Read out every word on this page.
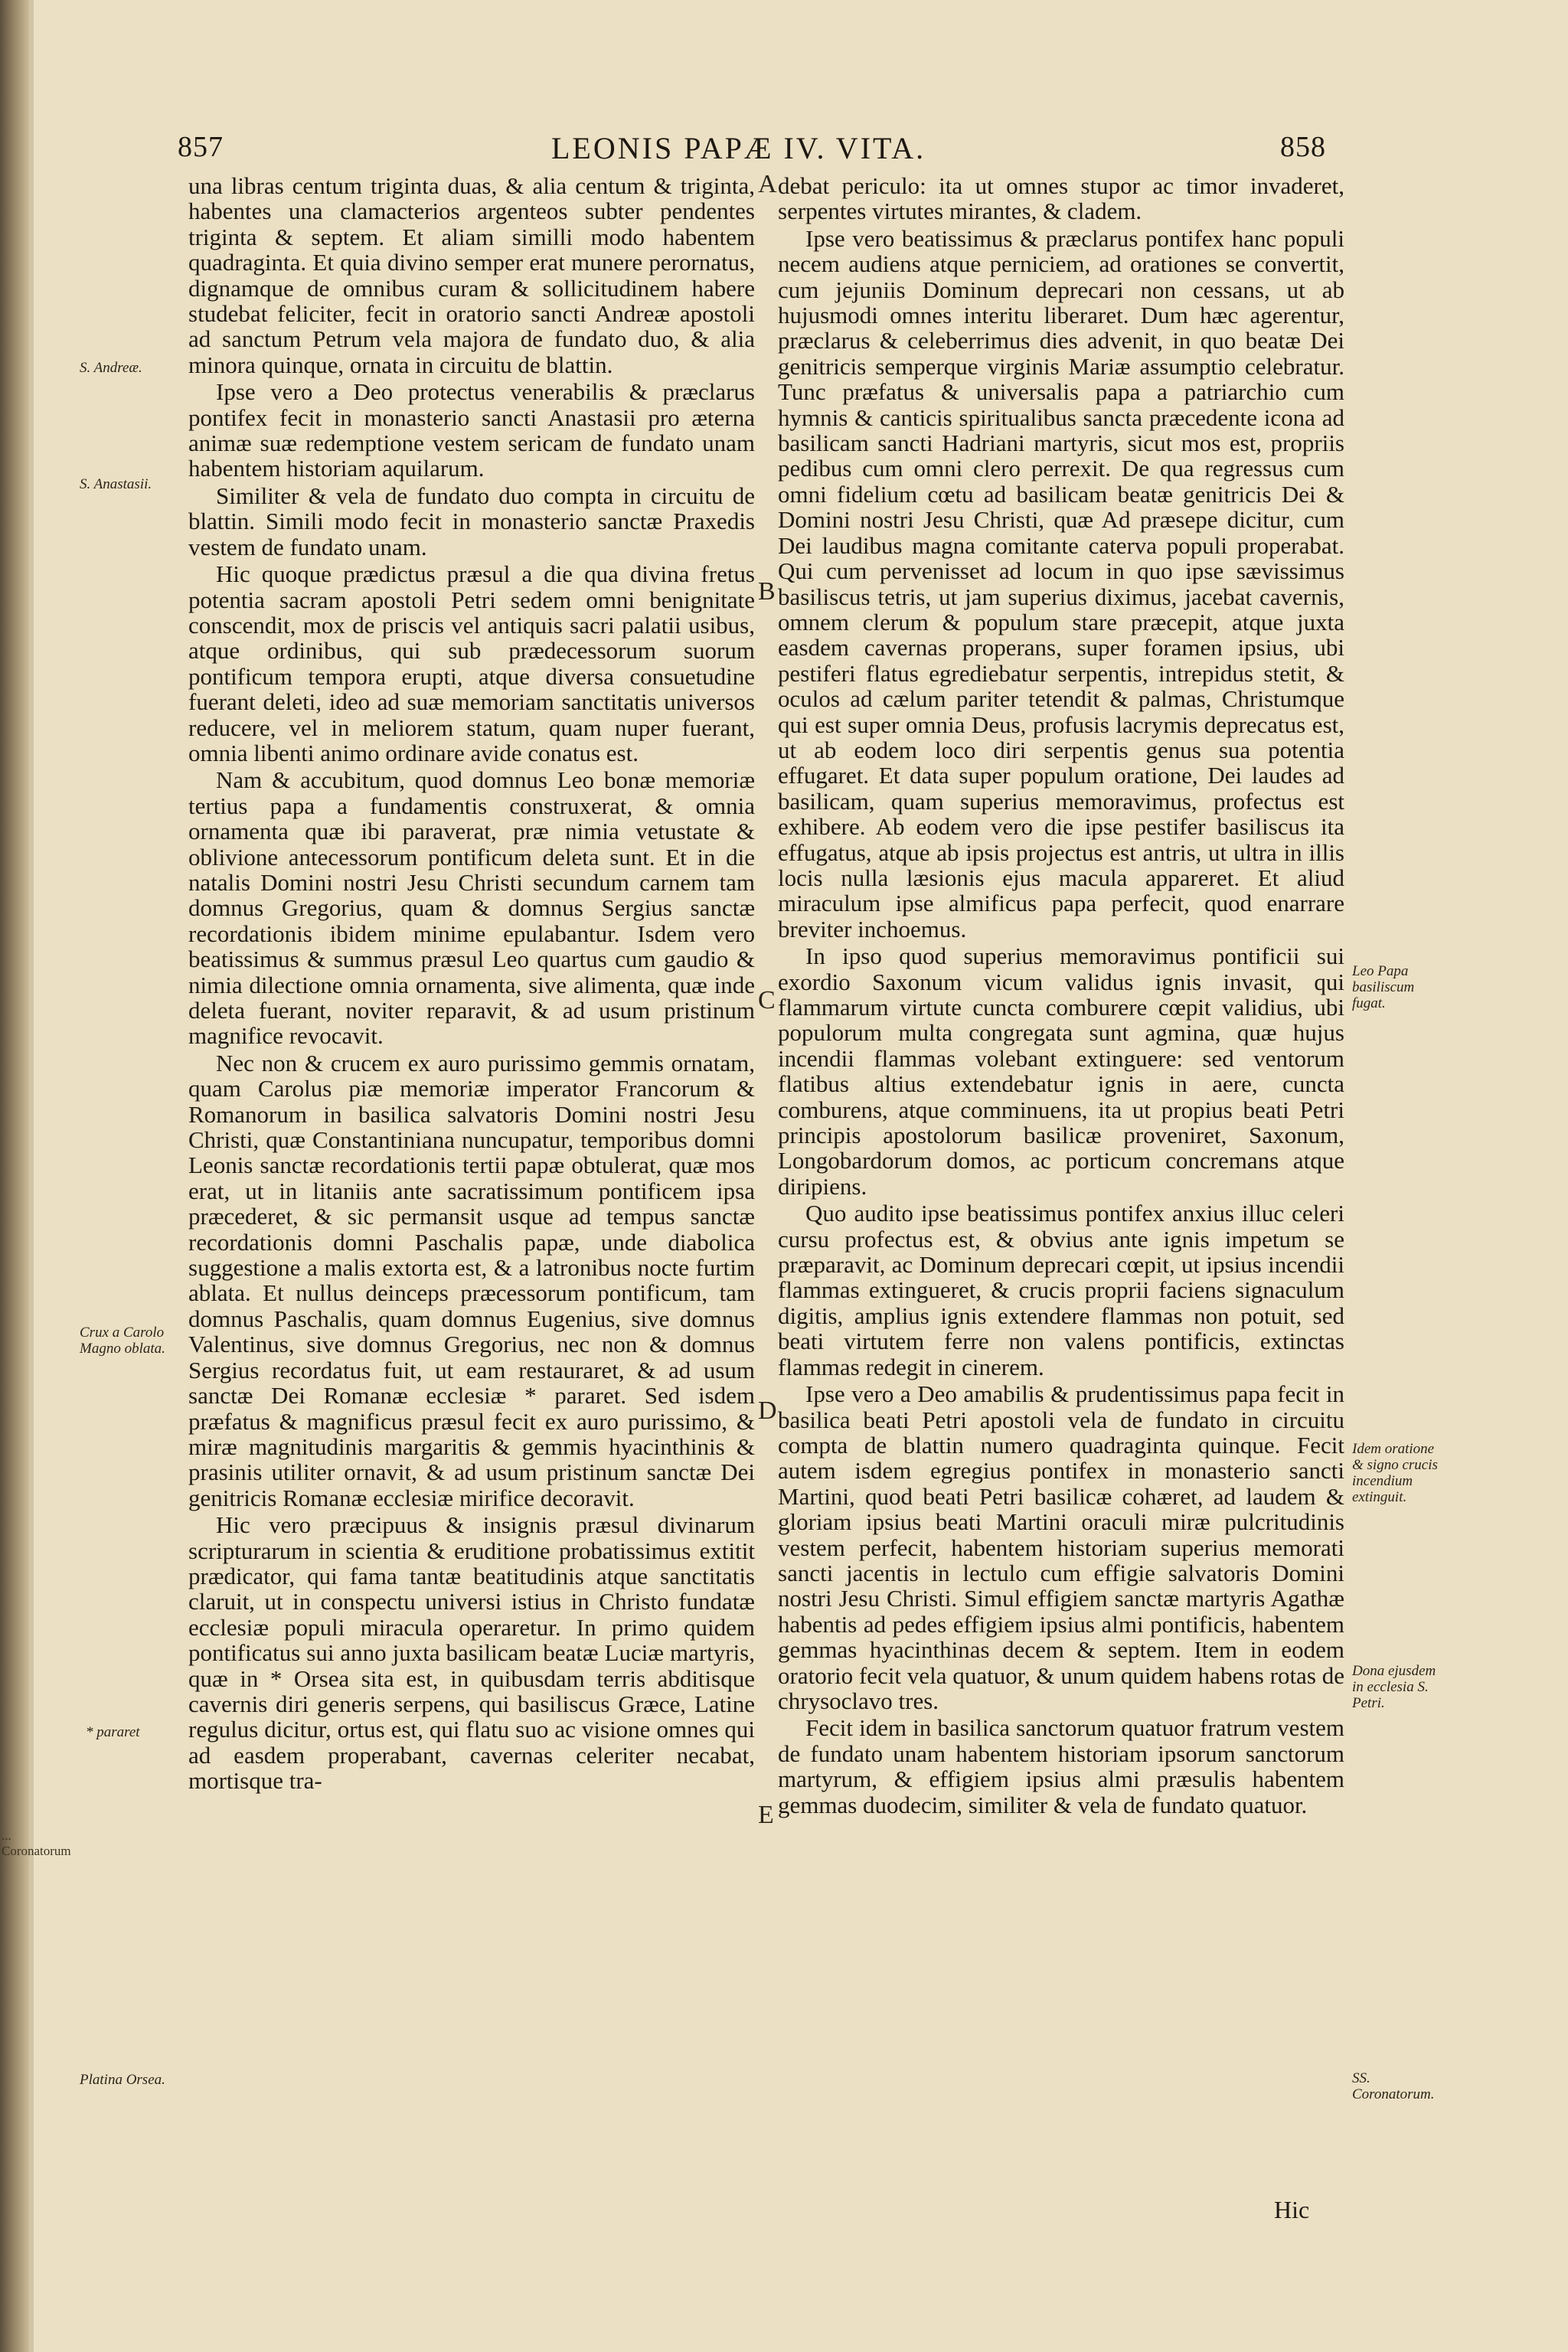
857	LEONIS PAPÆ IV. VITA.	858

una libras centum triginta duas, & alia centum & triginta, habentes una clamacterios argenteos subter pendentes triginta & septem. Et aliam similli modo habentem quadraginta. Et quia divino semper erat munere perornatus, dignamque de omnibus curam & sollicitudinem habere studebat feliciter, fecit in oratorio sancti Andreæ apostoli ad sanctum Petrum vela majora de fundato duo, & alia minora quinque, ornata in circuitu de blattin.

Ipse vero a Deo protectus venerabilis & præclarus pontifex fecit in monasterio sancti Anastasii pro æterna animæ suæ redemptione vestem sericam de fundato unam habentem historiam aquilarum.

Similiter & vela de fundato duo compta in circuitu de blattin. Simili modo fecit in monasterio sanctæ Praxedis vestem de fundato unam.

Hic quoque prædictus præsul a die qua divina fretus potentia sacram apostoli Petri sedem omni benignitate conscendit, mox de priscis vel antiquis sacri palatii usibus, atque ordinibus, qui sub prædecessorum suorum pontificum tempora erupti, atque diversa consuetudine fuerant deleti, ideo ad suæ memoriam sanctitatis universos reducere, vel in meliorem statum, quam nuper fuerant, omnia libenti animo ordinare avide conatus est.

Nam & accubitum, quod domnus Leo bonæ memoriæ tertius papa a fundamentis construxerat, & omnia ornamenta quæ ibi paraverat, præ nimia vetustate & oblivione antecessorum pontificum deleta sunt. Et in die natalis Domini nostri Jesu Christi secundum carnem tam domnus Gregorius, quam & domnus Sergius sanctæ recordationis ibidem minime epulabantur. Isdem vero beatissimus & summus præsul Leo quartus cum gaudio & nimia dilectione omnia ornamenta, sive alimenta, quæ inde deleta fuerant, noviter reparavit, & ad usum pristinum magnifice revocavit.

Nec non & crucem ex auro purissimo gemmis ornatam, quam Carolus piæ memoriæ imperator Francorum & Romanorum in basilica salvatoris Domini nostri Jesu Christi, quæ Constantiniana nuncupatur, temporibus domni Leonis sanctæ recordationis tertii papæ obtulerat, quæ mos erat, ut in litaniis ante sacratissimum pontificem ipsa præcederet, & sic permansit usque ad tempus sanctæ recordationis domni Paschalis papæ, unde diabolica suggestione a malis extorta est, & a latronibus nocte furtim ablata. Et nullus deinceps præcessorum pontificum, tam domnus Paschalis, quam domnus Eugenius, sive domnus Valentinus, sive domnus Gregorius, nec non & domnus Sergius recordatus fuit, ut eam restauraret, & ad usum sanctæ Dei Romanæ ecclesiæ * pararet. Sed isdem præfatus & magnificus præsul fecit ex auro purissimo, & miræ magnitudinis margaritis & gemmis hyacinthinis & prasinis utiliter ornavit, & ad usum pristinum sanctæ Dei genitricis Romanæ ecclesiæ mirifice decoravit.

Hic vero præcipuus & insignis præsul divinarum scripturarum in scientia & eruditione probatissimus extitit prædicator, qui fama tantæ beatitudinis atque sanctitatis claruit, ut in conspectu universi istius in Christo fundatæ ecclesiæ populi miracula operaretur. In primo quidem pontificatus sui anno juxta basilicam beatæ Luciæ martyris, quæ in * Orsea sita est, in quibusdam terris abditisque cavernis diri generis serpens, qui basiliscus Græce, Latine regulus dicitur, ortus est, qui flatu suo ac visione omnes qui ad easdem properabant, cavernas celeriter necabat, mortisque tra-

debat periculo: ita ut omnes stupor ac timor invaderet, serpentes virtutes mirantes, & cladem.

Ipse vero beatissimus & præclarus pontifex hanc populi necem audiens atque perniciem, ad orationes se convertit, cum jejuniis Dominum deprecari non cessans, ut ab hujusmodi omnes interitu liberaret. Dum hæc agerentur, præclarus & celeberrimus dies advenit, in quo beatæ Dei genitricis semperque virginis Mariæ assumptio celebratur. Tunc præfatus & universalis papa a patriarchio cum hymnis & canticis spiritualibus sancta præcedente icona ad basilicam sancti Hadriani martyris, sicut mos est, propriis pedibus cum omni clero perrexit. De qua regressus cum omni fidelium cœtu ad basilicam beatæ genitricis Dei & Domini nostri Jesu Christi, quæ Ad præsepe dicitur, cum Dei laudibus magna comitante caterva populi properabat. Qui cum pervenisset ad locum in quo ipse sævissimus basiliscus tetris, ut jam superius diximus, jacebat cavernis, omnem clerum & populum stare præcepit, atque juxta easdem cavernas properans, super foramen ipsius, ubi pestiferi flatus egrediebatur serpentis, intrepidus stetit, & oculos ad cælum pariter tetendit & palmas, Christumque qui est super omnia Deus, profusis lacrymis deprecatus est, ut ab eodem loco diri serpentis genus sua potentia effugaret. Et data super populum oratione, Dei laudes ad basilicam, quam superius memoravimus, profectus est exhibere. Ab eodem vero die ipse pestifer basiliscus ita effugatus, atque ab ipsis projectus est antris, ut ultra in illis locis nulla læsionis ejus macula appareret. Et aliud miraculum ipse almificus papa perfecit, quod enarrare breviter inchoemus.

In ipso quod superius memoravimus pontificii sui exordio Saxonum vicum validus ignis invasit, qui flammarum virtute cuncta comburere cœpit validius, ubi populorum multa congregata sunt agmina, quæ hujus incendii flammas volebant extinguere: sed ventorum flatibus altius extendebatur ignis in aere, cuncta comburens, atque comminuens, ita ut propius beati Petri principis apostolorum basilicæ proveniret, Saxonum, Longobardorum domos, ac porticum concremans atque diripiens.

Quo audito ipse beatissimus pontifex anxius illuc celeri cursu profectus est, & obvius ante ignis impetum se præparavit, ac Dominum deprecari cœpit, ut ipsius incendii flammas extingueret, & crucis proprii faciens signaculum digitis, amplius ignis extendere flammas non potuit, sed beati virtutem ferre non valens pontificis, extinctas flammas redegit in cinerem.

Ipse vero a Deo amabilis & prudentissimus papa fecit in basilica beati Petri apostoli vela de fundato in circuitu compta de blattin numero quadraginta quinque. Fecit autem isdem egregius pontifex in monasterio sancti Martini, quod beati Petri basilicæ cohæret, ad laudem & gloriam ipsius beati Martini oraculi miræ pulcritudinis vestem perfecit, habentem historiam superius memorati sancti jacentis in lectulo cum effigie salvatoris Domini nostri Jesu Christi. Simul effigiem sanctæ martyris Agathæ habentis ad pedes effigiem ipsius almi pontificis, habentem gemmas hyacinthinas decem & septem. Item in eodem oratorio fecit vela quatuor, & unum quidem habens rotas de chrysoclavo tres.

Fecit idem in basilica sanctorum quatuor fratrum vestem de fundato unam habentem historiam ipsorum sanctorum martyrum, & effigiem ipsius almi præsulis habentem gemmas duodecim, similiter & vela de fundato quatuor.

S. Andreæ.
S. Anastasii.
Crux a Carolo Magno oblata.
* pararet
Platina Orsea.
Leo Papa basiliscum fugat.
Idem oratione & signo crucis incendium extinguit.
Dona ejusdem in ecclesia S. Petri.
SS. Coronatorum.
A
B
C
D
E
... Coronatorum
Hic
